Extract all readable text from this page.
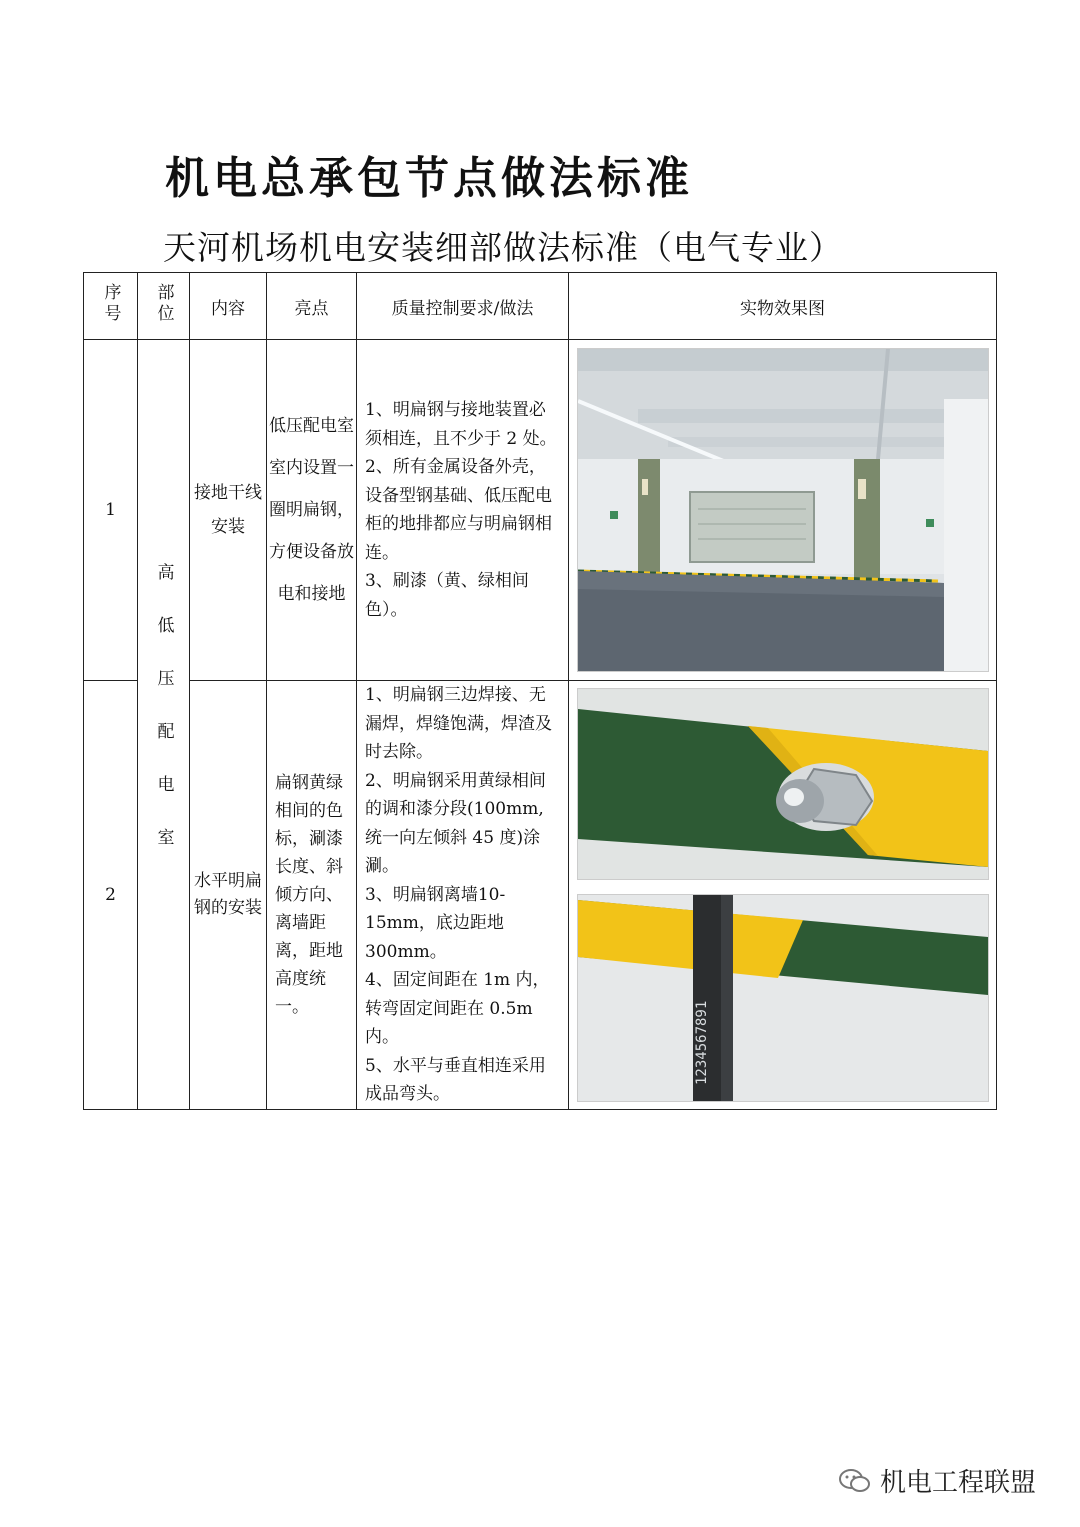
机电总承包节点做法标准
天河机场机电安装细部做法标准（电气专业）
序号	部位	内容	亮点	质量控制要求/做法	实物效果图
1	高低压配电室	接地干线安装	低压配电室室内设置一圈明扁钢，方便设备放电和接地	1、明扁钢与接地装置必须相连，且不少于 2 处。
2、所有金属设备外壳，设备型钢基础、低压配电柜的地排都应与明扁钢相连。
3、刷漆（黄、绿相间色）。	

2		水平明扁钢的安装	扁钢黄绿相间的色标，涮漆长度、斜倾方向、离墙距离，距地高度统一。	1、明扁钢三边焊接、无漏焊，焊缝饱满，焊渣及时去除。
2、明扁钢采用黄绿相间的调和漆分段(100mm,统一向左倾斜 45 度)涂涮。
3、明扁钢离墙10-15mm，底边距地300mm。
4、固定间距在 1m 内，转弯固定间距在 0.5m内。
5、水平与垂直相连采用成品弯头。	1234567891
机电工程联盟
